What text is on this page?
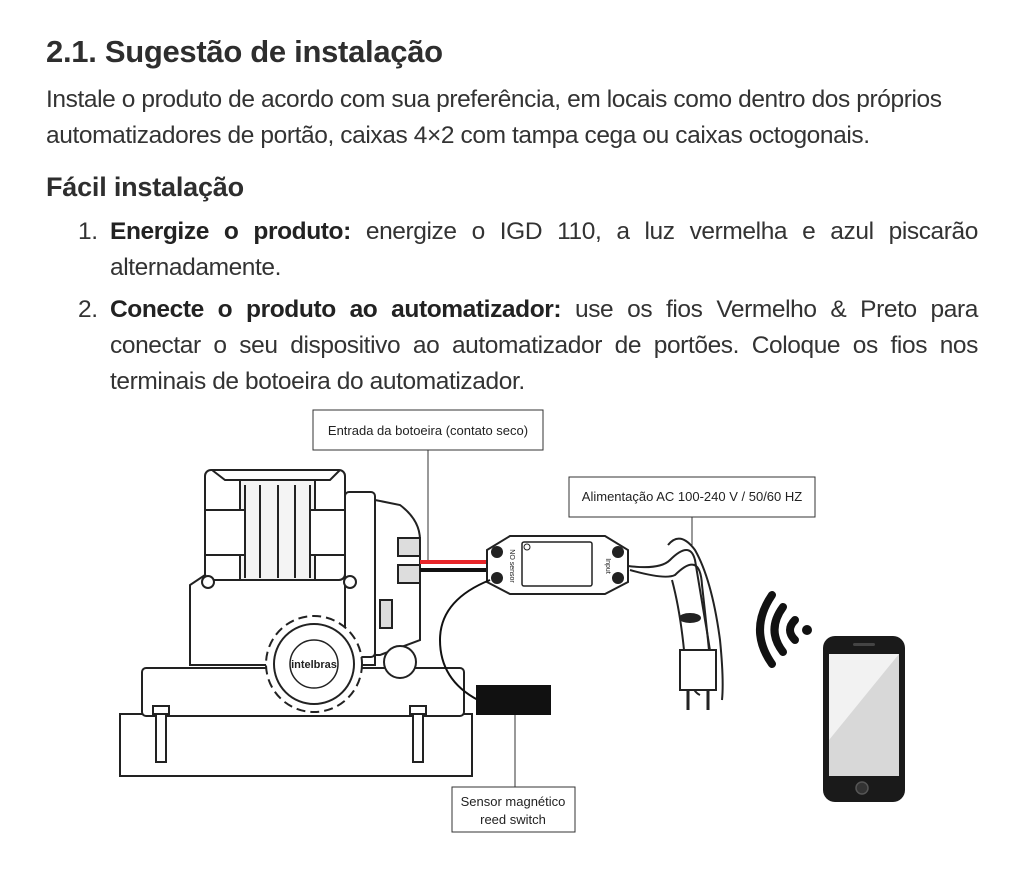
2.1. Sugestão de instalação
Instale o produto de acordo com sua preferência, em locais como dentro dos próprios automatizadores de portão, caixas 4×2 com tampa cega ou caixas octogonais.
Fácil instalação
1. Energize o produto: energize o IGD 110, a luz vermelha e azul piscarão alternadamente.
2. Conecte o produto ao automatizador: use os fios Vermelho & Preto para conectar o seu dispositivo ao automatizador de portões. Coloque os fios nos terminais de botoeira do automatizador.
intelbras
Entrada da botoeira (contato seco)
NO sensor	Input
Sensor magnético
reed switch
Alimentação AC 100-240 V / 50/60 HZ
